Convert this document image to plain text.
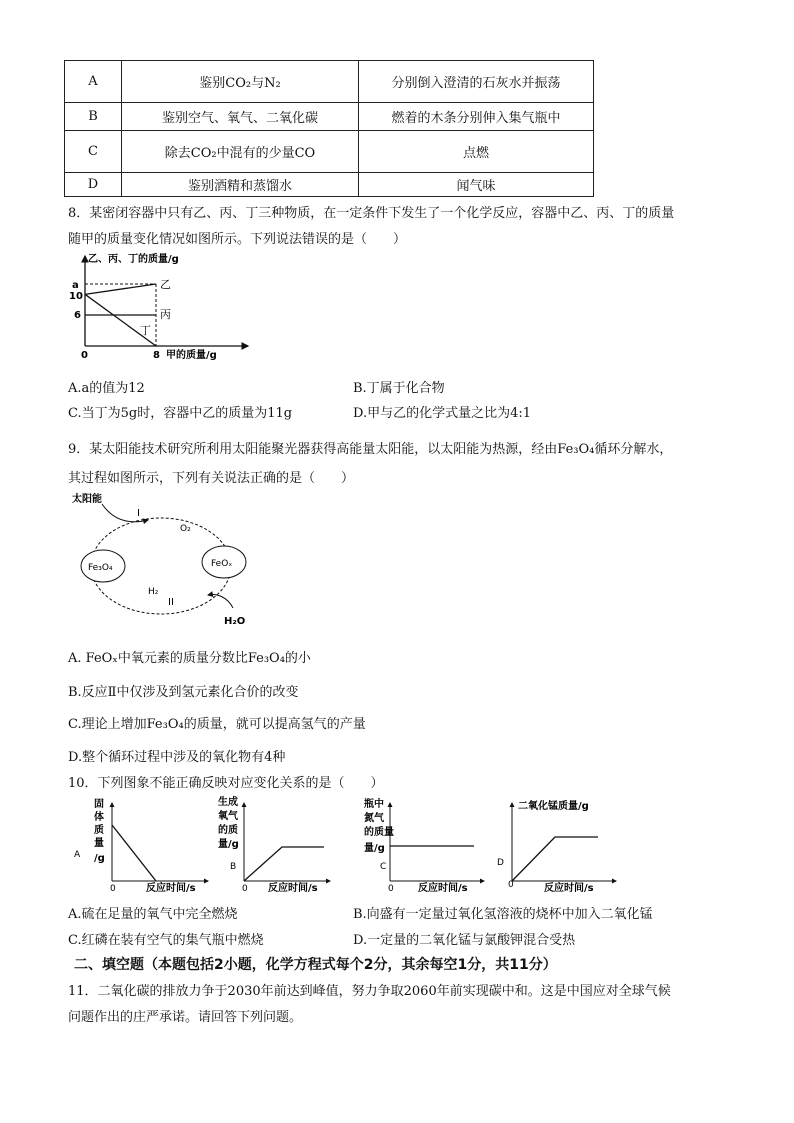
A	鉴别CO₂与N₂	分别倒入澄清的石灰水并振荡
B	鉴别空气、氧气、二氧化碳	燃着的木条分别伸入集气瓶中
C	除去CO₂中混有的少量CO	点燃
D	鉴别酒精和蒸馏水	闻气味
8．某密闭容器中只有乙、丙、丁三种物质，在一定条件下发生了一个化学反应，容器中乙、丙、丁的质量
随甲的质量变化情况如图所示。下列说法错误的是（　　）
乙、丙、丁的质量/g
a
10
6
0	8 甲的质量/g
乙
丙
丁
A.a的值为12	B.丁属于化合物
C.当丁为5g时，容器中乙的质量为11g	D.甲与乙的化学式量之比为4:1
9．某太阳能技术研究所利用太阳能聚光器获得高能量太阳能，以太阳能为热源，经由Fe₃O₄循环分解水，
其过程如图所示，下列有关说法正确的是（　　）
太阳能
I
O₂
Fe₃O₄	FeOₓ
H₂
II
H₂O
A. FeOₓ中氧元素的质量分数比Fe₃O₄的小
B.反应Ⅱ中仅涉及到氢元素化合价的改变
C.理论上增加Fe₃O₄的质量，就可以提高氢气的产量
D.整个循环过程中涉及的氧化物有4种
10．下列图象不能正确反映对应变化关系的是（　　）
固
体
质
量
/g
A
0	反应时间/s
生成
氧气
的质
量/g
B
0 反应时间/s
瓶中
氮气
的质量
量/g
C
0 反应时间/s
二氧化锰质量/g
D
0	反应时间/s
A.硫在足量的氧气中完全燃烧	B.向盛有一定量过氧化氢溶液的烧杯中加入二氧化锰
C.红磷在装有空气的集气瓶中燃烧	D.一定量的二氧化锰与氯酸钾混合受热
二、填空题（本题包括2小题，化学方程式每个2分，其余每空1分，共11分）
11．二氧化碳的排放力争于2030年前达到峰值，努力争取2060年前实现碳中和。这是中国应对全球气候
问题作出的庄严承诺。请回答下列问题。
